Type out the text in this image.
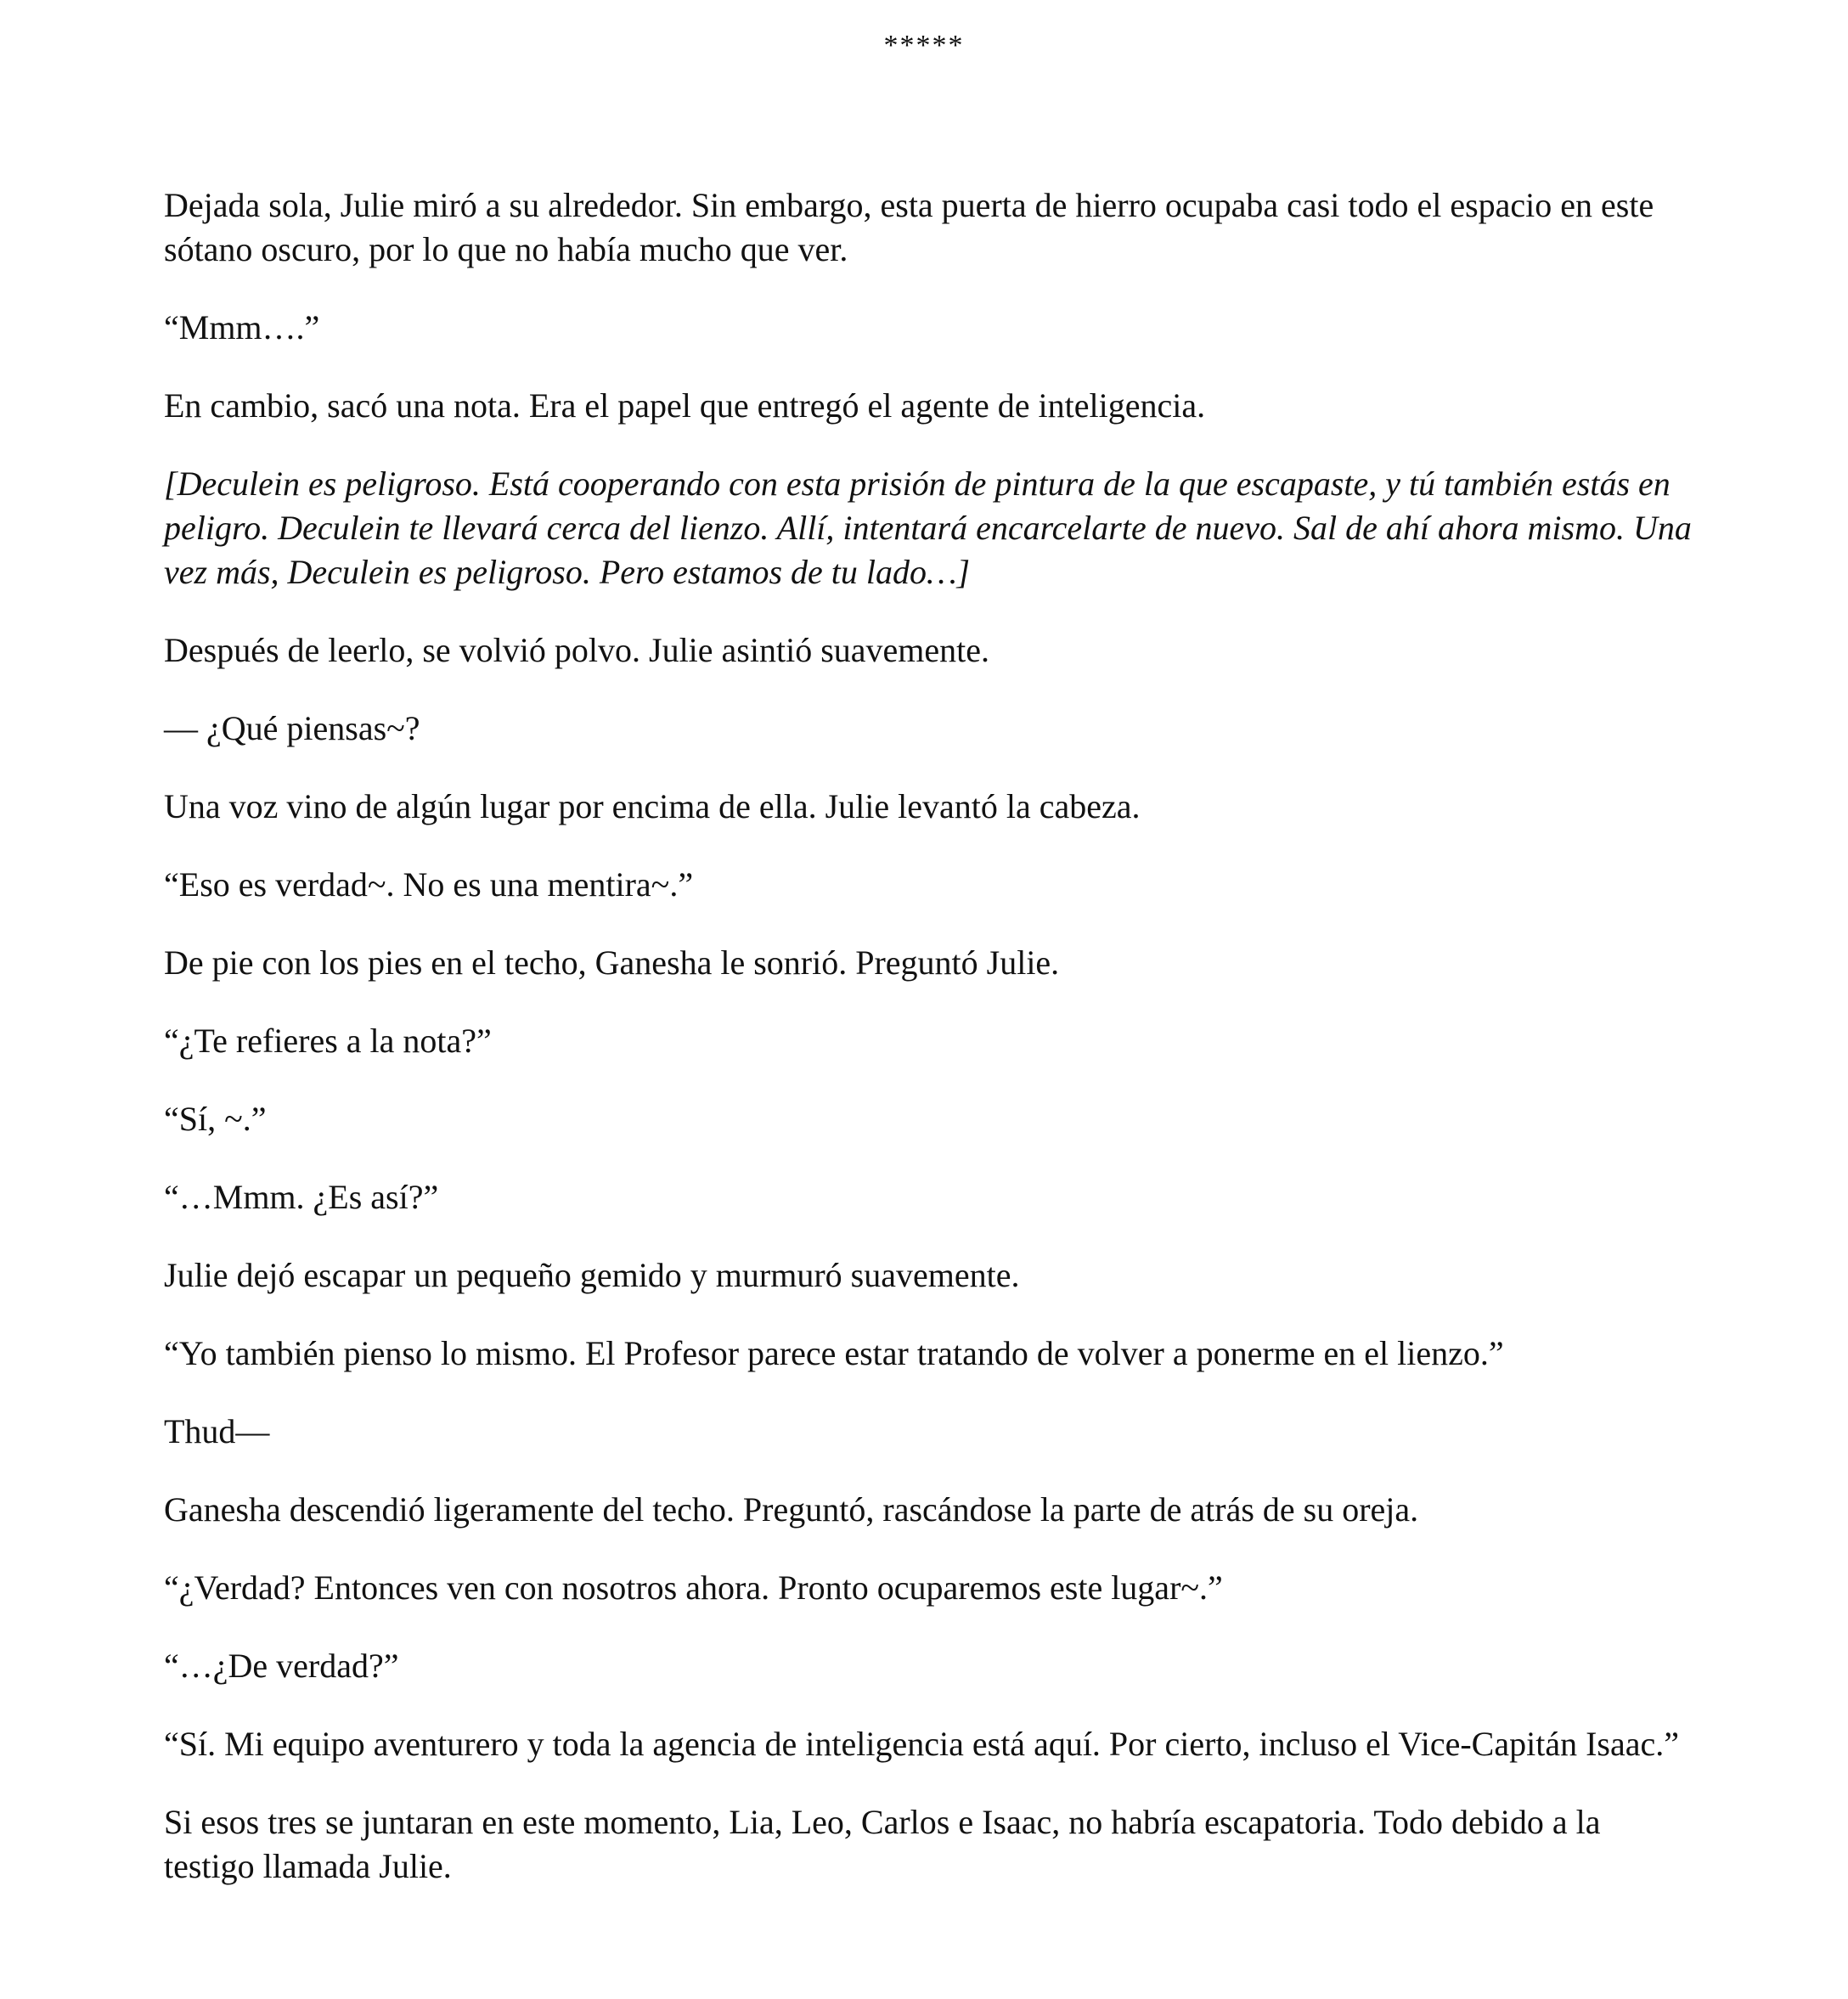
*****

Dejada sola, Julie miró a su alrededor. Sin embargo, esta puerta de hierro ocupaba casi todo el espacio en este sótano oscuro, por lo que no había mucho que ver.

“Mmm….”

En cambio, sacó una nota. Era el papel que entregó el agente de inteligencia.

[Deculein es peligroso. Está cooperando con esta prisión de pintura de la que escapaste, y tú también estás en peligro. Deculein te llevará cerca del lienzo. Allí, intentará encarcelarte de nuevo. Sal de ahí ahora mismo. Una vez más, Deculein es peligroso. Pero estamos de tu lado…]

Después de leerlo, se volvió polvo. Julie asintió suavemente.

— ¿Qué piensas~?

Una voz vino de algún lugar por encima de ella. Julie levantó la cabeza.

“Eso es verdad~. No es una mentira~.”

De pie con los pies en el techo, Ganesha le sonrió. Preguntó Julie.

“¿Te refieres a la nota?”

“Sí, ~.”

“…Mmm. ¿Es así?”

Julie dejó escapar un pequeño gemido y murmuró suavemente.

“Yo también pienso lo mismo. El Profesor parece estar tratando de volver a ponerme en el lienzo.”

Thud—

Ganesha descendió ligeramente del techo. Preguntó, rascándose la parte de atrás de su oreja.

“¿Verdad? Entonces ven con nosotros ahora. Pronto ocuparemos este lugar~.”

“…¿De verdad?”

“Sí. Mi equipo aventurero y toda la agencia de inteligencia está aquí. Por cierto, incluso el Vice-Capitán Isaac.”

Si esos tres se juntaran en este momento, Lia, Leo, Carlos e Isaac, no habría escapatoria. Todo debido a la testigo llamada Julie.
